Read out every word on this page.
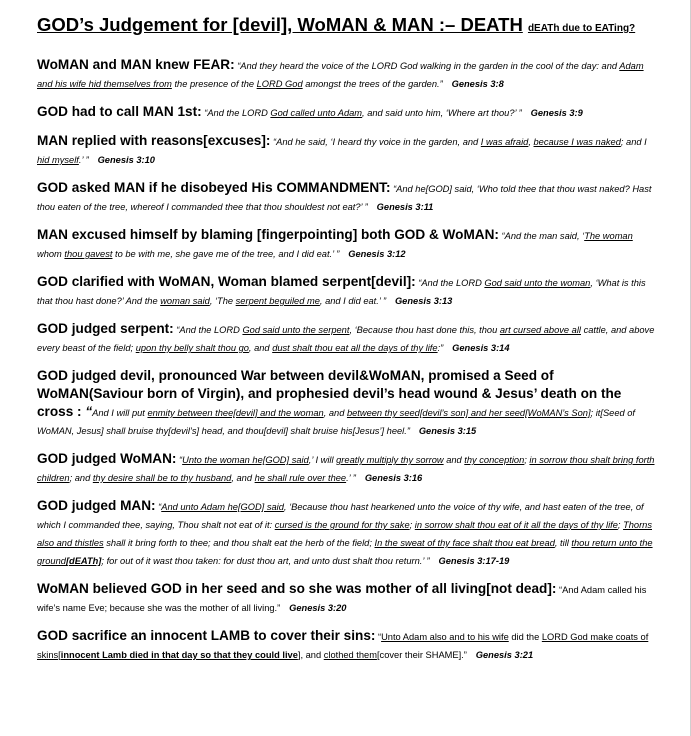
GOD’s Judgement for [devil], WoMAN & MAN :– DEATH dEATh due to EATing?
WoMAN and MAN knew FEAR: “And they heard the voice of the LORD God walking in the garden in the cool of the day: and Adam and his wife hid themselves from the presence of the LORD God amongst the trees of the garden.” Genesis 3:8
GOD had to call MAN 1st: “And the LORD God called unto Adam, and said unto him, ‘Where art thou?’ ” Genesis 3:9
MAN replied with reasons[excuses]: “And he said, ‘I heard thy voice in the garden, and I was afraid, because I was naked; and I hid myself.’ ” Genesis 3:10
GOD asked MAN if he disobeyed His COMMANDMENT: “And he[GOD] said, ‘Who told thee that thou wast naked? Hast thou eaten of the tree, whereof I commanded thee that thou shouldest not eat?’ ” Genesis 3:11
MAN excused himself by blaming [fingerpointing] both GOD & WoMAN: “And the man said, ‘The woman whom thou gavest to be with me, she gave me of the tree, and I did eat.’ ” Genesis 3:12
GOD clarified with WoMAN, Woman blamed serpent[devil]: “And the LORD God said unto the woman, ‘What is this that thou hast done?’ And the woman said, ‘The serpent beguiled me, and I did eat.’ ” Genesis 3:13
GOD judged serpent: “And the LORD God said unto the serpent, ‘Because thou hast done this, thou art cursed above all cattle, and above every beast of the field; upon thy belly shalt thou go, and dust shalt thou eat all the days of thy life:” Genesis 3:14
GOD judged devil, pronounced War between devil&WoMAN, promised a Seed of WoMAN(Saviour born of Virgin), and prophesied devil’s head wound & Jesus’ death on the cross : “And I will put enmity between thee[devil] and the woman, and between thy seed[devil’s son] and her seed[WoMAN’s Son]; it[Seed of WoMAN, Jesus] shall bruise thy[devil’s] head, and thou[devil] shalt bruise his[Jesus’] heel.” Genesis 3:15
GOD judged WoMAN: “Unto the woman he[GOD] said,’ I will greatly multiply thy sorrow and thy conception; in sorrow thou shalt bring forth children; and thy desire shall be to thy husband, and he shall rule over thee.’ ” Genesis 3:16
GOD judged MAN: “And unto Adam he[GOD] said, ‘Because thou hast hearkened unto the voice of thy wife, and hast eaten of the tree, of which I commanded thee, saying, Thou shalt not eat of it: cursed is the ground for thy sake; in sorrow shalt thou eat of it all the days of thy life; Thorns also and thistles shall it bring forth to thee; and thou shalt eat the herb of the field; In the sweat of thy face shalt thou eat bread, till thou return unto the ground[dEATh]; for out of it wast thou taken: for dust thou art, and unto dust shalt thou return.’ ” Genesis 3:17-19
WoMAN believed GOD in her seed and so she was mother of all living[not dead]: “And Adam called his wife’s name Eve; because she was the mother of all living.” Genesis 3:20
GOD sacrifice an innocent LAMB to cover their sins: “Unto Adam also and to his wife did the LORD God make coats of skins[innocent Lamb died in that day so that they could live], and clothed them[cover their SHAME].” Genesis 3:21
